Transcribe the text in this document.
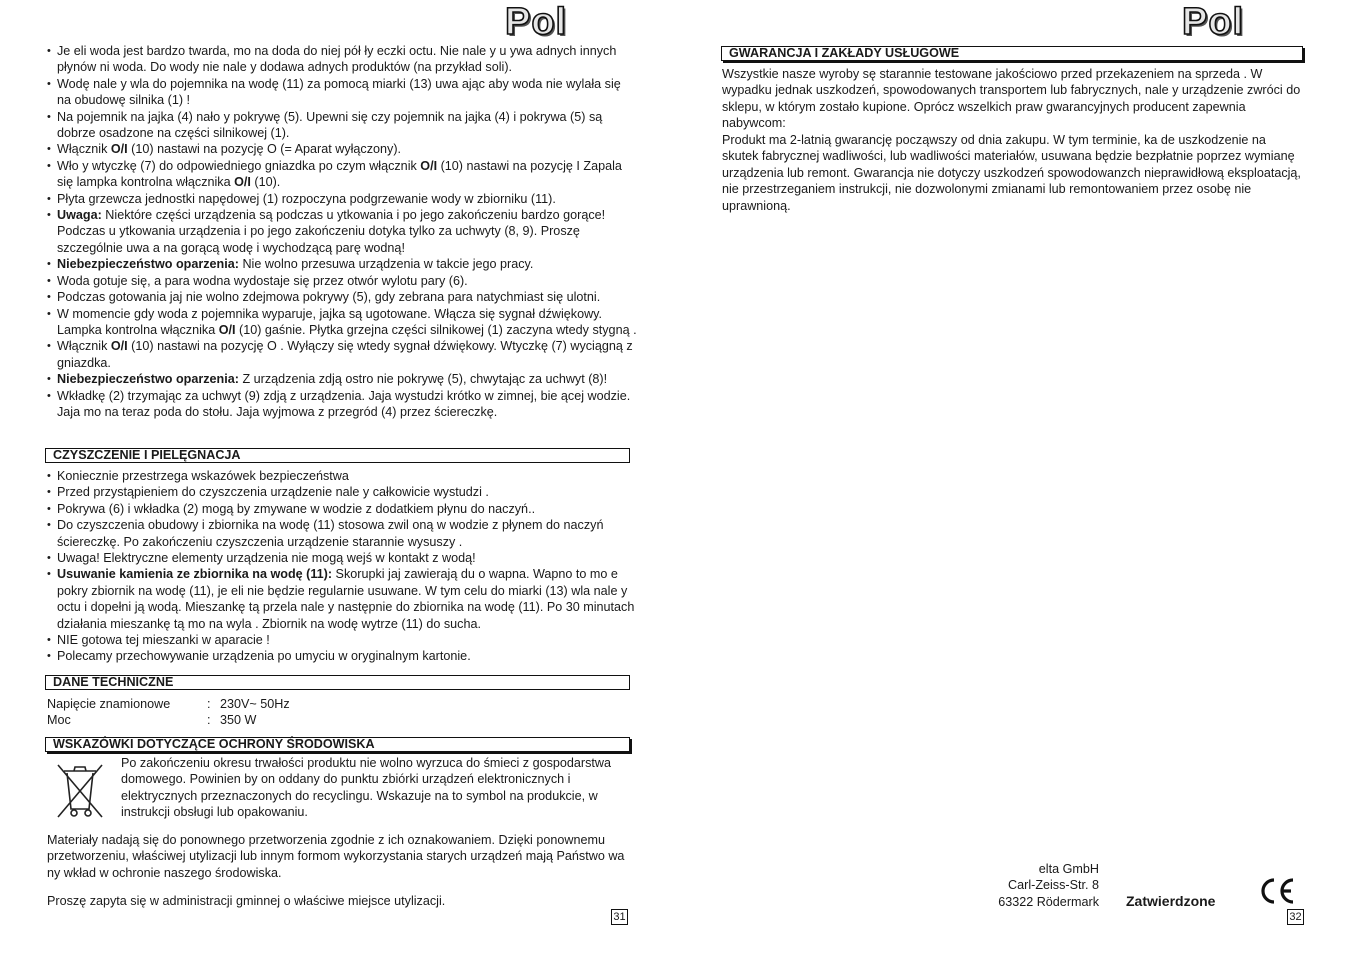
Pol
• Je eli woda jest bardzo twarda, mo na doda do niej pół ły eczki octu. Nie nale y u ywa adnych innych płynów ni woda. Do wody nie nale y dodawa adnych produktów (na przykład soli).
• Wodę nale y wla do pojemnika na wodę (11) za pomocą miarki (13) uwa ając aby woda nie wylała się na obudowę silnika (1) !
• Na pojemnik na jajka (4) nało y pokrywę (5). Upewni się czy pojemnik na jajka (4) i pokrywa (5) są dobrze osadzone na części silnikowej (1).
• Włącznik O/I (10) nastawi na pozycję O (= Aparat wyłączony).
• Wło y wtyczkę (7) do odpowiedniego gniazdka po czym włącznik O/I (10) nastawi na pozycję I Zapala się lampka kontrolna włącznika O/I (10).
• Płyta grzewcza jednostki napędowej (1) rozpoczyna podgrzewanie wody w zbiorniku (11).
• Uwaga: Niektóre części urządzenia są podczas u ytkowania i po jego zakończeniu bardzo gorące! Podczas u ytkowania urządzenia i po jego zakończeniu dotyka tylko za uchwyty (8, 9). Proszę szczególnie uwa a na gorącą wodę i wychodzącą parę wodną!
• Niebezpieczeństwo oparzenia: Nie wolno przesuwa urządzenia w takcie jego pracy.
• Woda gotuje się, a para wodna wydostaje się przez otwór wylotu pary (6).
• Podczas gotowania jaj nie wolno zdejmowa pokrywy (5), gdy zebrana para natychmiast się ulotni.
• W momencie gdy woda z pojemnika wyparuje, jajka są ugotowane. Włącza się sygnał dźwiękowy. Lampka kontrolna włącznika O/I (10) gaśnie. Płytka grzejna części silnikowej (1) zaczyna wtedy stygną .
• Włącznik O/I (10) nastawi na pozycję O . Wyłączy się wtedy sygnał dźwiękowy. Wtyczkę (7) wyciągną z gniazdka.
• Niebezpieczeństwo oparzenia: Z urządzenia zdją ostro nie pokrywę (5), chwytając za uchwyt (8)!
• Wkładkę (2) trzymając za uchwyt (9) zdją z urządzenia. Jaja wystudzi krótko w zimnej, bie ącej wodzie. Jaja mo na teraz poda do stołu. Jaja wyjmowa z przegród (4) przez ściereczkę.
CZYSZCZENIE I PIELĘGNACJA
• Koniecznie przestrzega wskazówek bezpieczeństwa
• Przed przystąpieniem do czyszczenia urządzenie nale y całkowicie wystudzi .
• Pokrywa (6) i wkładka (2) mogą by zmywane w wodzie z dodatkiem płynu do naczyń..
• Do czyszczenia obudowy i zbiornika na wodę (11) stosowa zwil oną w wodzie z płynem do naczyń ściereczkę. Po zakończeniu czyszczenia urządzenie starannie wysuszy .
• Uwaga! Elektryczne elementy urządzenia nie mogą wejś w kontakt z wodą!
• Usuwanie kamienia ze zbiornika na wodę (11): Skorupki jaj zawierają du o wapna. Wapno to mo e pokry zbiornik na wodę (11), je eli nie będzie regularnie usuwane. W tym celu do miarki (13) wla nale y octu i dopełni ją wodą. Mieszankę tą przela nale y następnie do zbiornika na wodę (11). Po 30 minutach działania mieszankę tą mo na wyla . Zbiornik na wodę wytrze (11) do sucha.
• NIE gotowa tej mieszanki w aparacie !
• Polecamy przechowywanie urządzenia po umyciu w oryginalnym kartonie.
DANE TECHNICZNE
Napięcie znamionowe	: 230V~ 50Hz
Moc	: 350 W
WSKAZÓWKI DOTYCZĄCE OCHRONY ŚRODOWISKA
Po zakończeniu okresu trwałości produktu nie wolno wyrzuca do śmieci z gospodarstwa domowego. Powinien by on oddany do punktu zbiórki urządzeń elektronicznych i elektrycznych przeznaczonych do recyclingu. Wskazuje na to symbol na produkcie, w instrukcji obsługi lub opakowaniu.
Materiały nadają się do ponownego przetworzenia zgodnie z ich oznakowaniem. Dzięki ponownemu przetworzeniu, właściwej utylizacji lub innym formom wykorzystania starych urządzeń mają Państwo wa ny wkład w ochronie naszego środowiska.
Proszę zapyta się w administracji gminnej o właściwe miejsce utylizacji.
31
Pol
GWARANCJA I ZAKŁADY USŁUGOWE
Wszystkie nasze wyroby sę starannie testowane jakościowo przed przekazeniem na sprzeda . W wypadku jednak uszkodzeń, spowodowanych transportem lub fabrycznych, nale y urządzenie zwróci do sklepu, w którym zostało kupione. Oprócz wszelkich praw gwarancyjnych producent zapewnia nabywcom:
Produkt ma 2-latnią gwarancję począwszy od dnia zakupu. W tym terminie, ka de uszkodzenie na skutek fabrycznej wadliwości, lub wadliwości materiałów, usuwana będzie bezpłatnie poprzez wymianę urządzenia lub remont. Gwarancja nie dotyczy uszkodzeń spowodowanzch nieprawidłową eksploatacją, nie przestrzeganiem instrukcji, nie dozwolonymi zmianami lub remontowaniem przez osobę nie uprawnioną.
elta GmbH
Carl-Zeiss-Str. 8
63322 Rödermark Zatwierdzone
32
